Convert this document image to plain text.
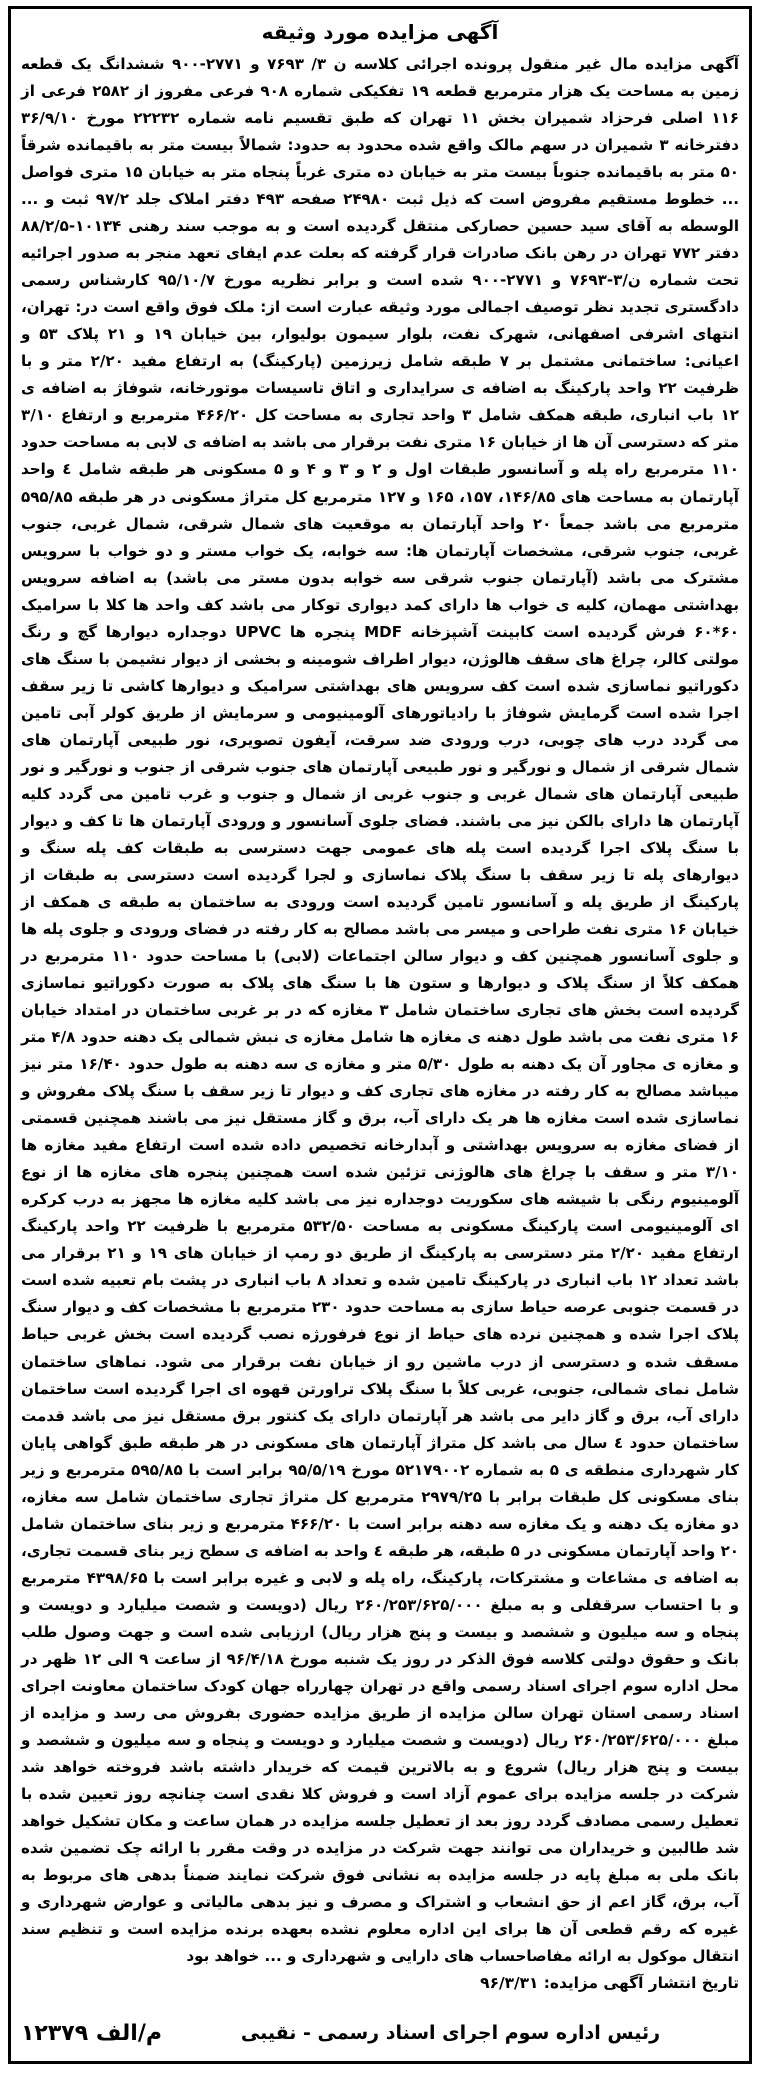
آگهی مزایده مورد وثیقه

آگهی مزایده مال غیر منقول پرونده اجرائی کلاسه ن ۳/ ۷۶۹۳ و ۲۷۷۱-۹۰۰ ششدانگ یک قطعه زمین به مساحت یک هزار مترمربع قطعه ۱۹ تفکیکی شماره ۹۰۸ فرعی مفروز از ۲۵۸۲ فرعی از ۱۱۶ اصلی فرحزاد شمیران بخش ۱۱ تهران که طبق تقسیم نامه شماره ۲۲۲۳۲ مورخ ۳۶/۹/۱۰ دفترخانه ۳ شمیران در سهم مالک واقع شده محدود به حدود: شمالاً بیست متر به باقیمانده شرقاً ۵۰ متر به باقیمانده جنوباً بیست متر به خیابان ده متری غرباً پنجاه متر به خیابان ۱۵ متری فواصل ... خطوط مستقیم مفروض است که ذیل ثبت ۲۴۹۸۰ صفحه ۴۹۳ دفتر املاک جلد ۹۷/۲ ثبت و ... الوسطه به آقای سید حسین حصارکی منتقل گردیده است و به موجب سند رهنی ۱۰۱۳۴-۸۸/۲/۵ دفتر ۷۷۲ تهران در رهن بانک صادرات قرار گرفته که بعلت عدم ایفای تعهد منجر به صدور اجرائیه تحت شماره ن/۳-۷۶۹۳ و ۲۷۷۱-۹۰۰ شده است و برابر نظریه مورخ ۹۵/۱۰/۷ کارشناس رسمی دادگستری تجدید نظر توصیف اجمالی مورد وثیقه عبارت است از: ملک فوق واقع است در: تهران، انتهای اشرفی اصفهانی، شهرک نفت، بلوار سیمون بولیوار، بین خیابان ۱۹ و ۲۱ پلاک ۵۳ و اعیانی: ساختمانی مشتمل بر ۷ طبقه شامل زیرزمین (پارکینگ) به ارتفاع مفید ۲/۲۰ متر و با ظرفیت ۲۲ واحد پارکینگ به اضافه ی سرایداری و اتاق تاسیسات موتورخانه، شوفاژ به اضافه ی ۱۲ باب انباری، طبقه همکف شامل ۳ واحد تجاری به مساحت کل ۴۶۶/۲۰ مترمربع و ارتفاع ۳/۱۰ متر که دسترسی آن ها از خیابان ۱۶ متری نفت برقرار می باشد به اضافه ی لابی به مساحت حدود ۱۱۰ مترمربع راه پله و آسانسور طبقات اول و ۲ و ۳ و ۴ و ۵ مسکونی هر طبقه شامل ٤ واحد آپارتمان به مساحت های ۱۴۶/۸۵، ۱۵۷، ۱۶۵ و ۱۲۷ مترمربع کل متراژ مسکونی در هر طبقه ۵۹۵/۸۵ مترمربع می باشد جمعاً ۲۰ واحد آپارتمان به موقعیت های شمال شرقی، شمال غربی، جنوب غربی، جنوب شرقی، مشخصات آپارتمان ها: سه خوابه، یک خواب مستر و دو خواب با سرویس مشترک می باشد (آپارتمان جنوب شرقی سه خوابه بدون مستر می باشد) به اضافه سرویس بهداشتی مهمان، کلیه ی خواب ها دارای کمد دیواری توکار می باشد کف واحد ها کلا با سرامیک ۶۰*۶۰ فرش گردیده است کابینت آشپزخانه MDF پنجره ها UPVC دوجداره دیوارها گچ و رنگ مولتی کالر، چراغ های سقف هالوژن، دیوار اطراف شومینه و بخشی از دیوار نشیمن با سنگ های دکوراتیو نماسازی شده است کف سرویس های بهداشتی سرامیک و دیوارها کاشی تا زیر سقف اجرا شده است گرمایش شوفاژ با رادیاتورهای آلومینیومی و سرمایش از طریق کولر آبی تامین می گردد درب های چوبی، درب ورودی ضد سرقت، آیفون تصویری، نور طبیعی آپارتمان های شمال شرقی از شمال و نورگیر و نور طبیعی آپارتمان های جنوب شرقی از جنوب و نورگیر و نور طبیعی آپارتمان های شمال غربی و جنوب غربی از شمال و جنوب و غرب تامین می گردد کلیه آپارتمان ها دارای بالکن نیز می باشند. فضای جلوی آسانسور و ورودی آپارتمان ها تا کف و دیوار با سنگ پلاک اجرا گردیده است پله های عمومی جهت دسترسی به طبقات کف پله سنگ و دیوارهای پله تا زیر سقف با سنگ پلاک نماسازی و لجرا گردیده است دسترسی به طبقات از پارکینگ از طریق پله و آسانسور تامین گردیده است ورودی به ساختمان به طبقه ی همکف از خیابان ۱۶ متری نفت طراحی و میسر می باشد مصالح به کار رفته در فضای ورودی و جلوی پله ها و جلوی آسانسور همچنین کف و دیوار سالن اجتماعات (لابی) با مساحت حدود ۱۱۰ مترمربع در همکف کلاً از سنگ پلاک و دیوارها و ستون ها با سنگ های پلاک به صورت دکوراتیو نماسازی گردیده است بخش های تجاری ساختمان شامل ۳ مغازه که در بر غربی ساختمان در امتداد خیابان ۱۶ متری نفت می باشد طول دهنه ی مغازه ها شامل مغازه ی نبش شمالی یک دهنه حدود ۴/۸ متر و مغازه ی مجاور آن یک دهنه به طول ۵/۳۰ متر و مغازه ی سه دهنه به طول حدود ۱۶/۴۰ متر نیز میباشد مصالح به کار رفته در مغازه های تجاری کف و دیوار تا زیر سقف با سنگ پلاک مفروش و نماسازی شده است مغازه ها هر یک دارای آب، برق و گاز مستقل نیز می باشند همچنین قسمتی از فضای مغازه به سرویس بهداشتی و آبدارخانه تخصیص داده شده است ارتفاع مفید مغازه ها ۳/۱۰ متر و سقف با چراغ های هالوژنی تزئین شده است همچنین پنجره های مغازه ها از نوع آلومینیوم رنگی با شیشه های سکوریت دوجداره نیز می باشد کلیه مغازه ها مجهز به درب کرکره ای آلومینیومی است پارکینگ مسکونی به مساحت ۵۳۲/۵۰ مترمربع با ظرفیت ۲۲ واحد پارکینگ ارتفاع مفید ۲/۲۰ متر دسترسی به پارکینگ از طریق دو رمپ از خیابان های ۱۹ و ۲۱ برقرار می باشد تعداد ۱۲ باب انباری در پارکینگ تامین شده و تعداد ۸ باب انباری در پشت بام تعبیه شده است در قسمت جنوبی عرصه حیاط سازی به مساحت حدود ۲۳۰ مترمربع با مشخصات کف و دیوار سنگ پلاک اجرا شده و همچنین نرده های حیاط از نوع فرفورژه نصب گردیده است بخش غربی حیاط مسقف شده و دسترسی از درب ماشین رو از خیابان نفت برقرار می شود. نماهای ساختمان شامل نمای شمالی، جنوبی، غربی کلاً با سنگ پلاک تراورتن قهوه ای اجرا گردیده است ساختمان دارای آب، برق و گاز دایر می باشد هر آپارتمان دارای یک کنتور برق مستقل نیز می باشد قدمت ساختمان حدود ٤ سال می باشد کل متراژ آپارتمان های مسکونی در هر طبقه طبق گواهی پایان کار شهرداری منطقه ی ۵ به شماره ۵۲۱۷۹۰۰۲ مورخ ۹۵/۵/۱۹ برابر است با ۵۹۵/۸۵ مترمربع و زیر بنای مسکونی کل طبقات برابر با ۲۹۷۹/۲۵ مترمربع کل متراژ تجاری ساختمان شامل سه مغازه، دو مغازه یک دهنه و یک مغازه سه دهنه برابر است با ۴۶۶/۲۰ مترمربع و زیر بنای ساختمان شامل ۲۰ واحد آپارتمان مسکونی در ۵ طبقه، هر طبقه ٤ واحد به اضافه ی سطح زیر بنای قسمت تجاری، به اضافه ی مشاعات و مشترکات، پارکینگ، راه پله و لابی و غیره برابر است با ۴۳۹۸/۶۵ مترمربع و با احتساب سرقفلی و به مبلغ ۲۶۰/۲۵۳/۶۲۵/۰۰۰ ریال (دویست و شصت میلیارد و دویست و پنجاه و سه میلیون و ششصد و بیست و پنج هزار ریال) ارزیابی شده است و جهت وصول طلب بانک و حقوق دولتی کلاسه فوق الذکر در روز یک شنبه مورخ ۹۶/۴/۱۸ از ساعت ۹ الی ۱۲ ظهر در محل اداره سوم اجرای اسناد رسمی واقع در تهران چهارراه جهان کودک ساختمان معاونت اجرای اسناد رسمی استان تهران سالن مزایده از طریق مزایده حضوری بفروش می رسد و مزایده از مبلغ ۲۶۰/۲۵۳/۶۲۵/۰۰۰ ریال (دویست و شصت میلیارد و دویست و پنجاه و سه میلیون و ششصد و بیست و پنج هزار ریال) شروع و به بالاترین قیمت که خریدار داشته باشد فروخته خواهد شد شرکت در جلسه مزایده برای عموم آزاد است و فروش کلا نقدی است چنانچه روز تعیین شده با تعطیل رسمی مصادف گردد روز بعد از تعطیل جلسه مزایده در همان ساعت و مکان تشکیل خواهد شد طالبین و خریداران می توانند جهت شرکت در مزایده در وقت مقرر با ارائه چک تضمین شده بانک ملی به مبلغ پایه در جلسه مزایده به نشانی فوق شرکت نمایند ضمناً بدهی های مربوط به آب، برق، گاز اعم از حق انشعاب و اشتراک و مصرف و نیز بدهی مالیاتی و عوارض شهرداری و غیره که رقم قطعی آن ها برای این اداره معلوم نشده بعهده برنده مزایده است و تنظیم سند انتقال موکول به ارائه مفاصاحساب های دارایی و شهرداری و ... خواهد بود

تاریخ انتشار آگهی مزایده: ۹۶/۳/۳۱
رئیس اداره سوم اجرای اسناد رسمی - نقیبی
۱۲۳۷۹ م/الف
